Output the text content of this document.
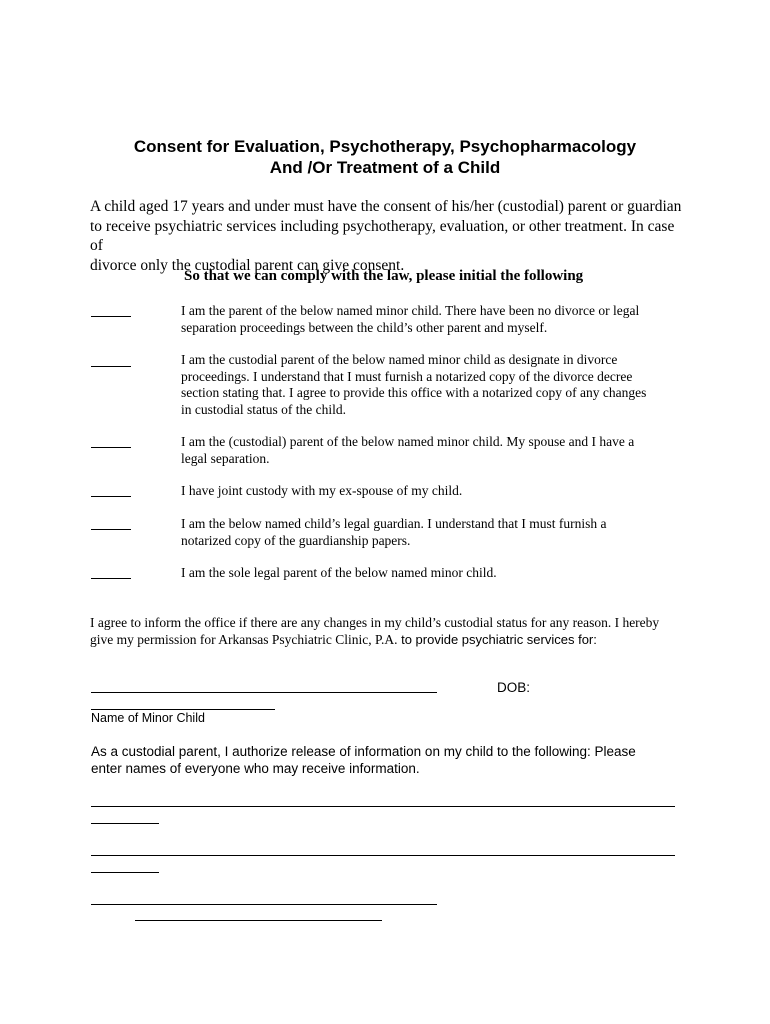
Consent for Evaluation, Psychotherapy, Psychopharmacology
And /Or Treatment of a Child
A child aged 17 years and under must have the consent of his/her (custodial) parent or guardian
to receive psychiatric services including psychotherapy, evaluation, or other treatment. In case of
divorce only the custodial parent can give consent.
So that we can comply with the law, please initial the following
I am the parent of the below named minor child. There have been no divorce or legal
separation proceedings between the child’s other parent and myself.
I am the custodial parent of the below named minor child as designate in divorce
proceedings. I understand that I must furnish a notarized copy of the divorce decree
section stating that. I agree to provide this office with a notarized copy of any changes
in custodial status of the child.
I am the (custodial) parent of the below named minor child. My spouse and I have a
legal separation.
I have joint custody with my ex-spouse of my child.
I am the below named child’s legal guardian. I understand that I must furnish a
notarized copy of the guardianship papers.
I am the sole legal parent of the below named minor child.
I agree to inform the office if there are any changes in my child’s custodial status for any reason. I hereby
give my permission for Arkansas Psychiatric Clinic, P.A. to provide psychiatric services for:
DOB:
Name of Minor Child
As a custodial parent, I authorize release of information on my child to the following: Please
enter names of everyone who may receive information.
